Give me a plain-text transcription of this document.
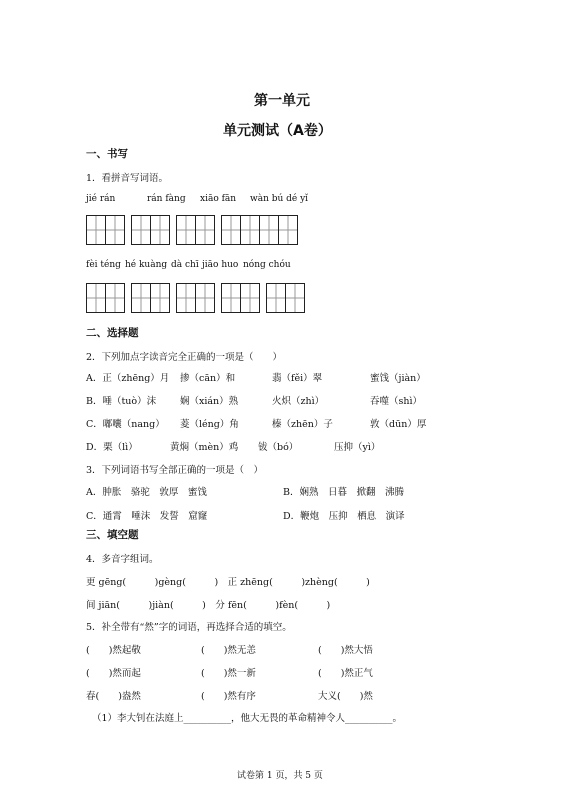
第一单元
单元测试（A卷）
一、书写
1．看拼音写词语。
jié rán	rán fàng xiāo fān wàn bú dé yǐ
fèi téng hé kuàng dà chī jiāo huo nóng chóu
二、选择题
2．下列加点字读音完全正确的一项是（　　）
A．正（zhēng）月 掺（cān）和	翡（fěi）翠	蜜饯（jiàn）
B．唾（tuò）沫	娴（xián）熟	火炽（zhì）	吞噬（shì）
C．嘟囔（nang） 菱（léng）角	榛（zhēn）子	敦（dūn）厚
D．栗（lì）	黄焖（mèn）鸡 钹（bó）	压抑（yì）
3．下列词语书写全部正确的一项是（　）
A．肿胀　骆驼　敦厚　蜜饯	B．娴熟　日暮　掀翻　沸腾
C．通霄　唾沫　发誓　窟窿	D．鞭炮　压抑　栖息　演译
三、填空题
4．多音字组词。
更 gēng(　　　)gèng(　　　)　正 zhēng(　　　)zhèng(　　　)
间 jiān(　　　)jiàn(　　　)　分 fēn(　　　)fèn(　　　)
5．补全带有“然”字的词语，再选择合适的填空。
(　　)然起敬	(　　)然无恙	(　　)然大悟
(　　)然而起	(　　)然一新	(　　)然正气
春(　　)盎然	(　　)然有序	大义(　　)然
（1）李大钊在法庭上__________，他大无畏的革命精神令人__________。
试卷第 1 页，共 5 页
